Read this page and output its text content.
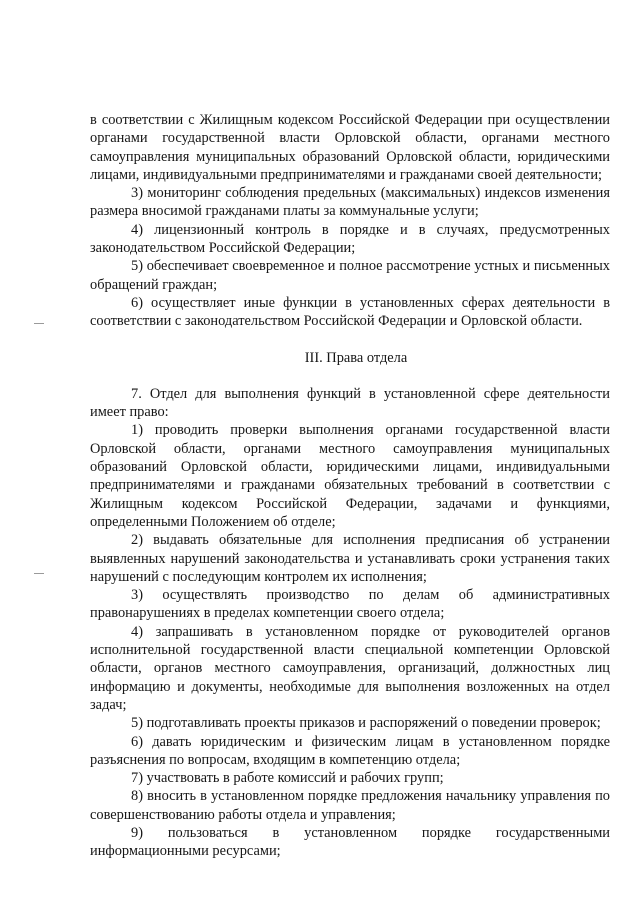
в соответствии с Жилищным кодексом Российской Федерации при осуществлении органами государственной власти Орловской области, органами местного самоуправления муниципальных образований Орловской области, юридическими лицами, индивидуальными предпринимателями и гражданами своей деятельности;

3) мониторинг соблюдения предельных (максимальных) индексов изменения размера вносимой гражданами платы за коммунальные услуги;

4) лицензионный контроль в порядке и в случаях, предусмотренных законодательством Российской Федерации;

5) обеспечивает своевременное и полное рассмотрение устных и письменных обращений граждан;

6) осуществляет иные функции в установленных сферах деятельности в соответствии с законодательством Российской Федерации и Орловской области.

III. Права отдела

7. Отдел для выполнения функций в установленной сфере деятельности имеет право:

1) проводить проверки выполнения органами государственной власти Орловской области, органами местного самоуправления муниципальных образований Орловской области, юридическими лицами, индивидуальными предпринимателями и гражданами обязательных требований в соответствии с Жилищным кодексом Российской Федерации, задачами и функциями, определенными Положением об отделе;

2) выдавать обязательные для исполнения предписания об устранении выявленных нарушений законодательства и устанавливать сроки устранения таких нарушений с последующим контролем их исполнения;

3) осуществлять производство по делам об административных правонарушениях в пределах компетенции своего отдела;

4) запрашивать в установленном порядке от руководителей органов исполнительной государственной власти специальной компетенции Орловской области, органов местного самоуправления, организаций, должностных лиц информацию и документы, необходимые для выполнения возложенных на отдел задач;

5) подготавливать проекты приказов и распоряжений о поведении проверок;

6) давать юридическим и физическим лицам в установленном порядке разъяснения по вопросам, входящим в компетенцию отдела;

7) участвовать в работе комиссий и рабочих групп;

8) вносить в установленном порядке предложения начальнику управления по совершенствованию работы отдела и управления;

9) пользоваться в установленном порядке государственными информационными ресурсами;
